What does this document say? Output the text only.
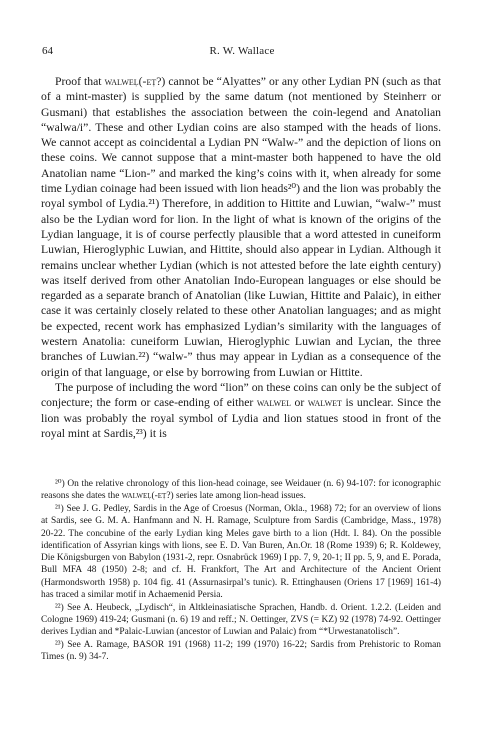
64	R. W. Wallace

Proof that walweḷ(-eṭ?) cannot be “Alyattes” or any other Lydian PN (such as that of a mint-master) is supplied by the same datum (not mentioned by Steinherr or Gusmani) that establishes the association between the coin-legend and Anatolian “walwa/i”. These and other Lydian coins are also stamped with the heads of lions. We cannot accept as coincidental a Lydian PN “Walw-” and the depiction of lions on these coins. We cannot suppose that a mint-master both happened to have the old Anatolian name “Lion-” and marked the king’s coins with it, when already for some time Lydian coinage had been issued with lion heads²⁰) and the lion was probably the royal symbol of Lydia.²¹) Therefore, in addition to Hittite and Luwian, “walw-” must also be the Lydian word for lion. In the light of what is known of the origins of the Lydian language, it is of course perfectly plausible that a word attested in cuneiform Luwian, Hieroglyphic Luwian, and Hittite, should also appear in Lydian. Although it remains unclear whether Lydian (which is not attested before the late eighth century) was itself derived from other Anatolian Indo-European languages or else should be regarded as a separate branch of Anatolian (like Luwian, Hittite and Palaic), in either case it was certainly closely related to these other Anatolian languages; and as might be expected, recent work has emphasized Lydian’s similarity with the languages of western Anatolia: cuneiform Luwian, Hieroglyphic Luwian and Lycian, the three branches of Luwian.²²) “walw-” thus may appear in Lydian as a consequence of the origin of that language, or else by borrowing from Luwian or Hittite.

The purpose of including the word “lion” on these coins can only be the subject of conjecture; the form or case-ending of either walwel or walwet is unclear. Since the lion was probably the royal symbol of Lydia and lion statues stood in front of the royal mint at Sardis,²³) it is

²⁰) On the relative chronology of this lion-head coinage, see Weidauer (n. 6) 94-107: for iconographic reasons she dates the walweḷ(-eṭ?) series late among lion-head issues.

²¹) See J. G. Pedley, Sardis in the Age of Croesus (Norman, Okla., 1968) 72; for an overview of lions at Sardis, see G. M. A. Hanfmann and N. H. Ramage, Sculpture from Sardis (Cambridge, Mass., 1978) 20-22. The concubine of the early Lydian king Meles gave birth to a lion (Hdt. I. 84). On the possible identification of Assyrian kings with lions, see E. D. Van Buren, An.Or. 18 (Rome 1939) 6; R. Koldewey, Die Königsburgen von Babylon (1931-2, repr. Osnabrück 1969) I pp. 7, 9, 20-1; II pp. 5, 9, and E. Porada, Bull MFA 48 (1950) 2-8; and cf. H. Frankfort, The Art and Architecture of the Ancient Orient (Harmondsworth 1958) p. 104 fig. 41 (Assurnasirpal’s tunic). R. Ettinghausen (Oriens 17 [1969] 161-4) has traced a similar motif in Achaemenid Persia.

²²) See A. Heubeck, „Lydisch“, in Altkleinasiatische Sprachen, Handb. d. Orient. 1.2.2. (Leiden and Cologne 1969) 419-24; Gusmani (n. 6) 19 and reff.; N. Oettinger, ZVS (= KZ) 92 (1978) 74-92. Oettinger derives Lydian and *Palaic-Luwian (ancestor of Luwian and Palaic) from “*Urwestanatolisch”.

²³) See A. Ramage, BASOR 191 (1968) 11-2; 199 (1970) 16-22; Sardis from Prehistoric to Roman Times (n. 9) 34-7.
